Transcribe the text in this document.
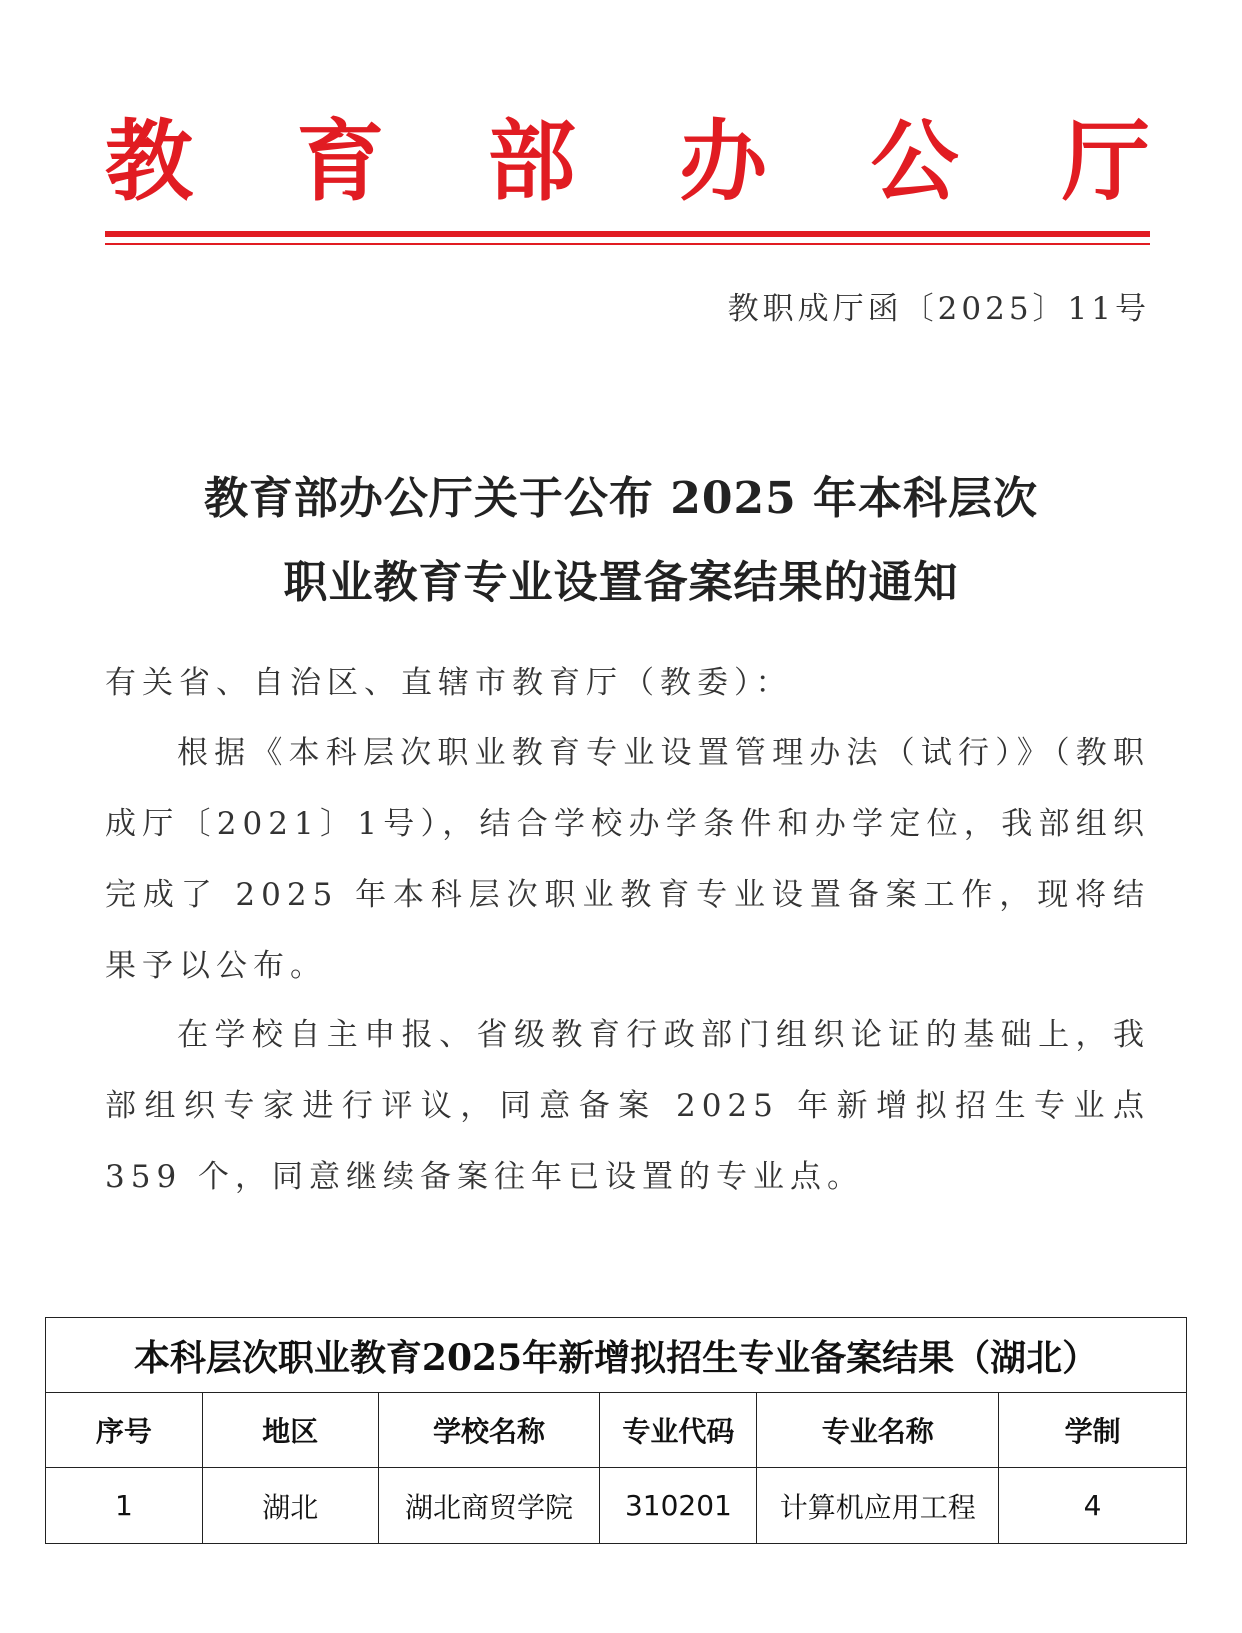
教 育 部 办 公 厅
教职成厅函〔2025〕11号
教育部办公厅关于公布 2025 年本科层次
职业教育专业设置备案结果的通知
有关省、自治区、直辖市教育厅（教委）：
根据《本科层次职业教育专业设置管理办法（试行）》（教职成厅〔2021〕1号），结合学校办学条件和办学定位，我部组织完成了 2025 年本科层次职业教育专业设置备案工作，现将结果予以公布。
在学校自主申报、省级教育行政部门组织论证的基础上，我部组织专家进行评议，同意备案 2025 年新增拟招生专业点 359 个，同意继续备案往年已设置的专业点。
本科层次职业教育2025年新增拟招生专业备案结果（湖北）					
序号	地区	学校名称	专业代码	专业名称	学制
1	湖北	湖北商贸学院	310201	计算机应用工程	4
